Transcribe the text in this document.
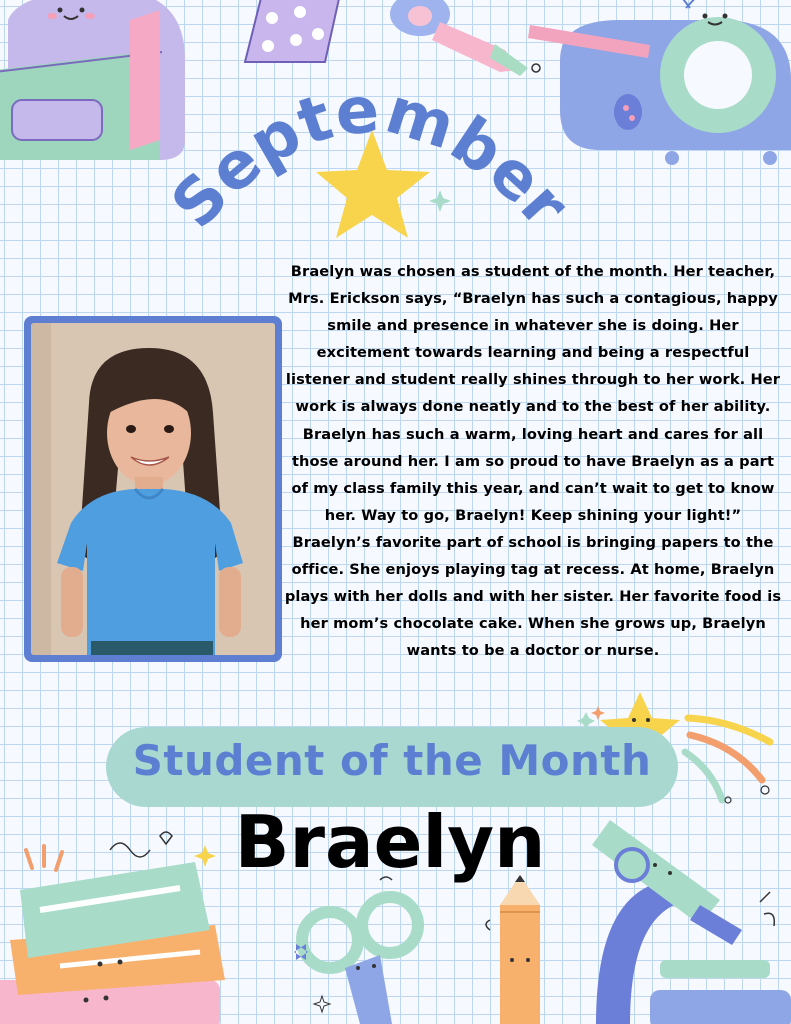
September

Braelyn was chosen as student of the month. Her teacher, Mrs. Erickson says, “Braelyn has such a contagious, happy smile and presence in whatever she is doing. Her excitement towards learning and being a respectful listener and student really shines through to her work. Her work is always done neatly and to the best of her ability. Braelyn has such a warm, loving heart and cares for all those around her. I am so proud to have Braelyn as a part of my class family this year, and can’t wait to get to know her. Way to go, Braelyn! Keep shining your light!”

Braelyn’s favorite part of school is bringing papers to the office. She enjoys playing tag at recess. At home, Braelyn plays with her dolls and with her sister. Her favorite food is her mom’s chocolate cake. When she grows up, Braelyn wants to be a doctor or nurse.

Student of the Month
Braelyn
